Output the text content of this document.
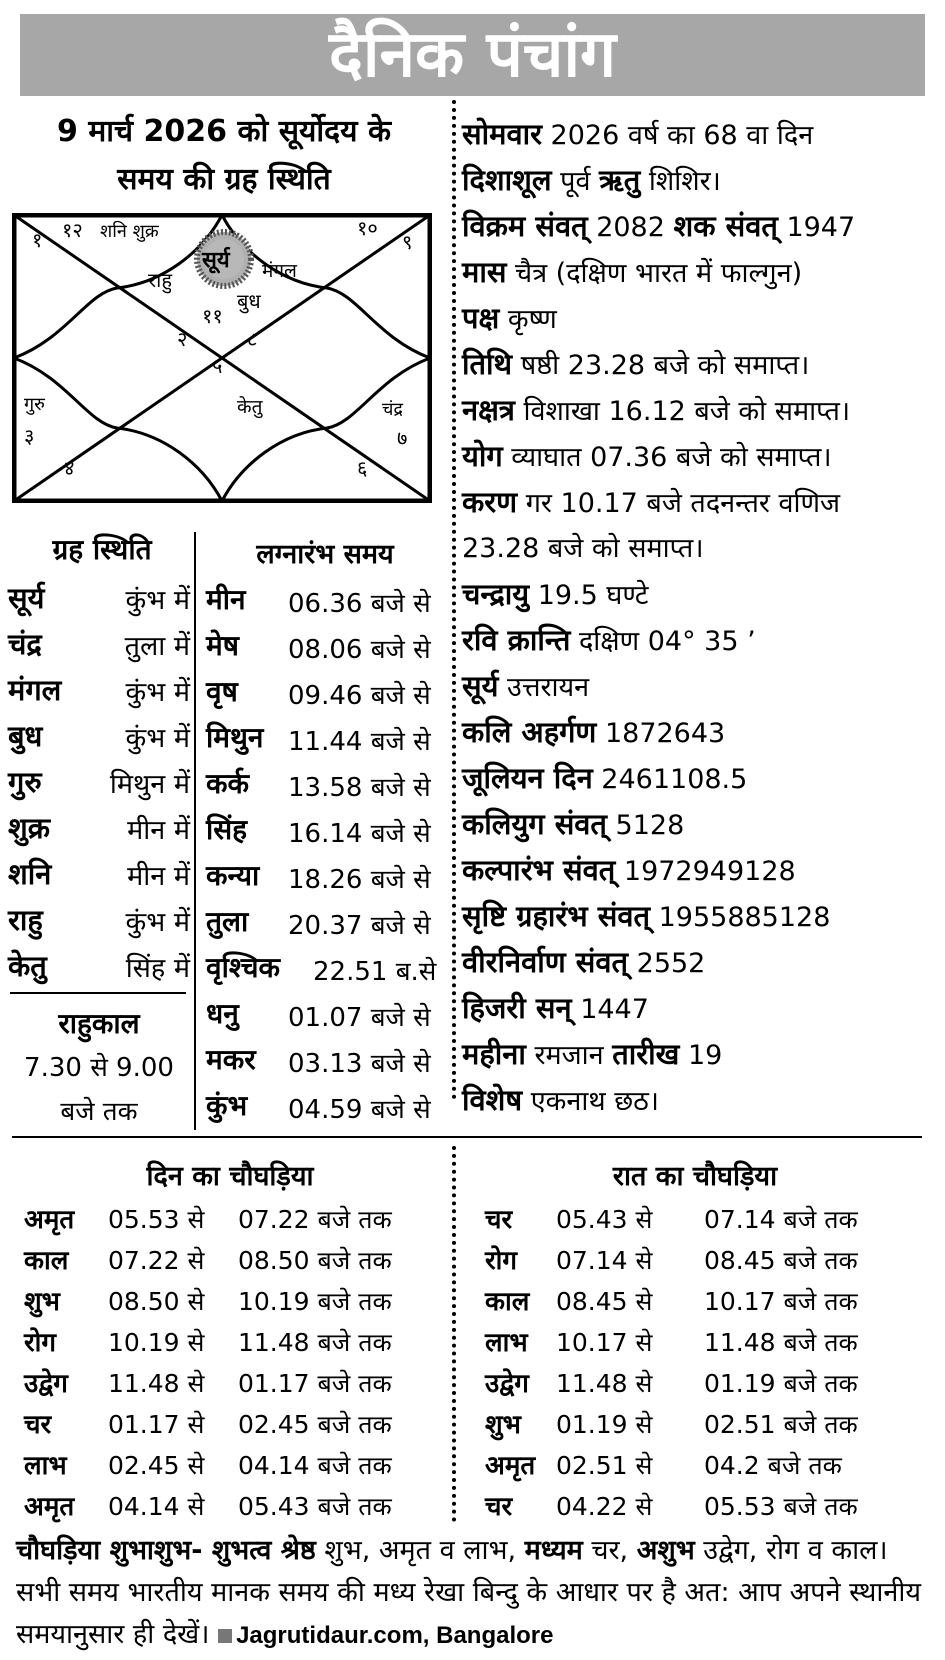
दैनिक पंचांग
9 मार्च 2026 को सूर्योदय के
समय की ग्रह स्थिति
१ १२ शनि शुक्र	१०
९
राहु
सूर्य मंगल
बुध
११
२	८
५
गुरु
३
केतु	चंद्र
७
४	६
ग्रह स्थिति
सूर्य	कुंभ में
चंद्र	तुला में
मंगल	कुंभ में
बुध	कुंभ में
गुरु	मिथुन में
शुक्र	मीन में
शनि	मीन में
राहु	कुंभ में
केतु	सिंह में
राहुकाल
7.30 से 9.00
बजे तक
लग्नारंभ समय
मीन 06.36 बजे से
मेष 08.06 बजे से
वृष 09.46 बजे से
मिथुन 11.44 बजे से
कर्क 13.58 बजे से
सिंह 16.14 बजे से
कन्या 18.26 बजे से
तुला 20.37 बजे से
वृश्चिक 22.51 ब.से
धनु 01.07 बजे से
मकर 03.13 बजे से
कुंभ 04.59 बजे से
सोमवार 2026 वर्ष का 68 वा दिन
दिशाशूल पूर्व ऋतु शिशिर।
विक्रम संवत् 2082 शक संवत् 1947
मास चैत्र (दक्षिण भारत में फाल्गुन)
पक्ष कृष्ण
तिथि षष्ठी 23.28 बजे को समाप्त।
नक्षत्र विशाखा 16.12 बजे को समाप्त।
योग व्याघात 07.36 बजे को समाप्त।
करण गर 10.17 बजे तदनन्तर वणिज
23.28 बजे को समाप्त।
चन्द्रायु 19.5 घण्टे
रवि क्रान्ति दक्षिण 04° 35 ’
सूर्य उत्तरायन
कलि अहर्गण 1872643
जूलियन दिन 2461108.5
कलियुग संवत् 5128
कल्पारंभ संवत् 1972949128
सृष्टि ग्रहारंभ संवत् 1955885128
वीरनिर्वाण संवत् 2552
हिजरी सन् 1447
महीना रमजान तारीख 19
विशेष एकनाथ छठ।
दिन का चौघड़िया
अमृत 05.53 से 07.22 बजे तक
काल 07.22 से 08.50 बजे तक
शुभ 08.50 से 10.19 बजे तक
रोग 10.19 से 11.48 बजे तक
उद्वेग 11.48 से 01.17 बजे तक
चर 01.17 से 02.45 बजे तक
लाभ 02.45 से 04.14 बजे तक
अमृत 04.14 से 05.43 बजे तक
रात का चौघड़िया
चर 05.43 से 07.14 बजे तक
रोग 07.14 से 08.45 बजे तक
काल 08.45 से 10.17 बजे तक
लाभ 10.17 से 11.48 बजे तक
उद्वेग 11.48 से 01.19 बजे तक
शुभ 01.19 से 02.51 बजे तक
अमृत 02.51 से 04.2 बजे तक
चर 04.22 से 05.53 बजे तक
चौघड़िया शुभाशुभ- शुभत्व श्रेष्ठ शुभ, अमृत व लाभ, मध्यम चर, अशुभ उद्वेग, रोग व काल। सभी समय भारतीय मानक समय की मध्य रेखा बिन्दु के आधार पर है अत: आप अपने स्थानीय समयानुसार ही देखें। Jagrutidaur.com, Bangalore
